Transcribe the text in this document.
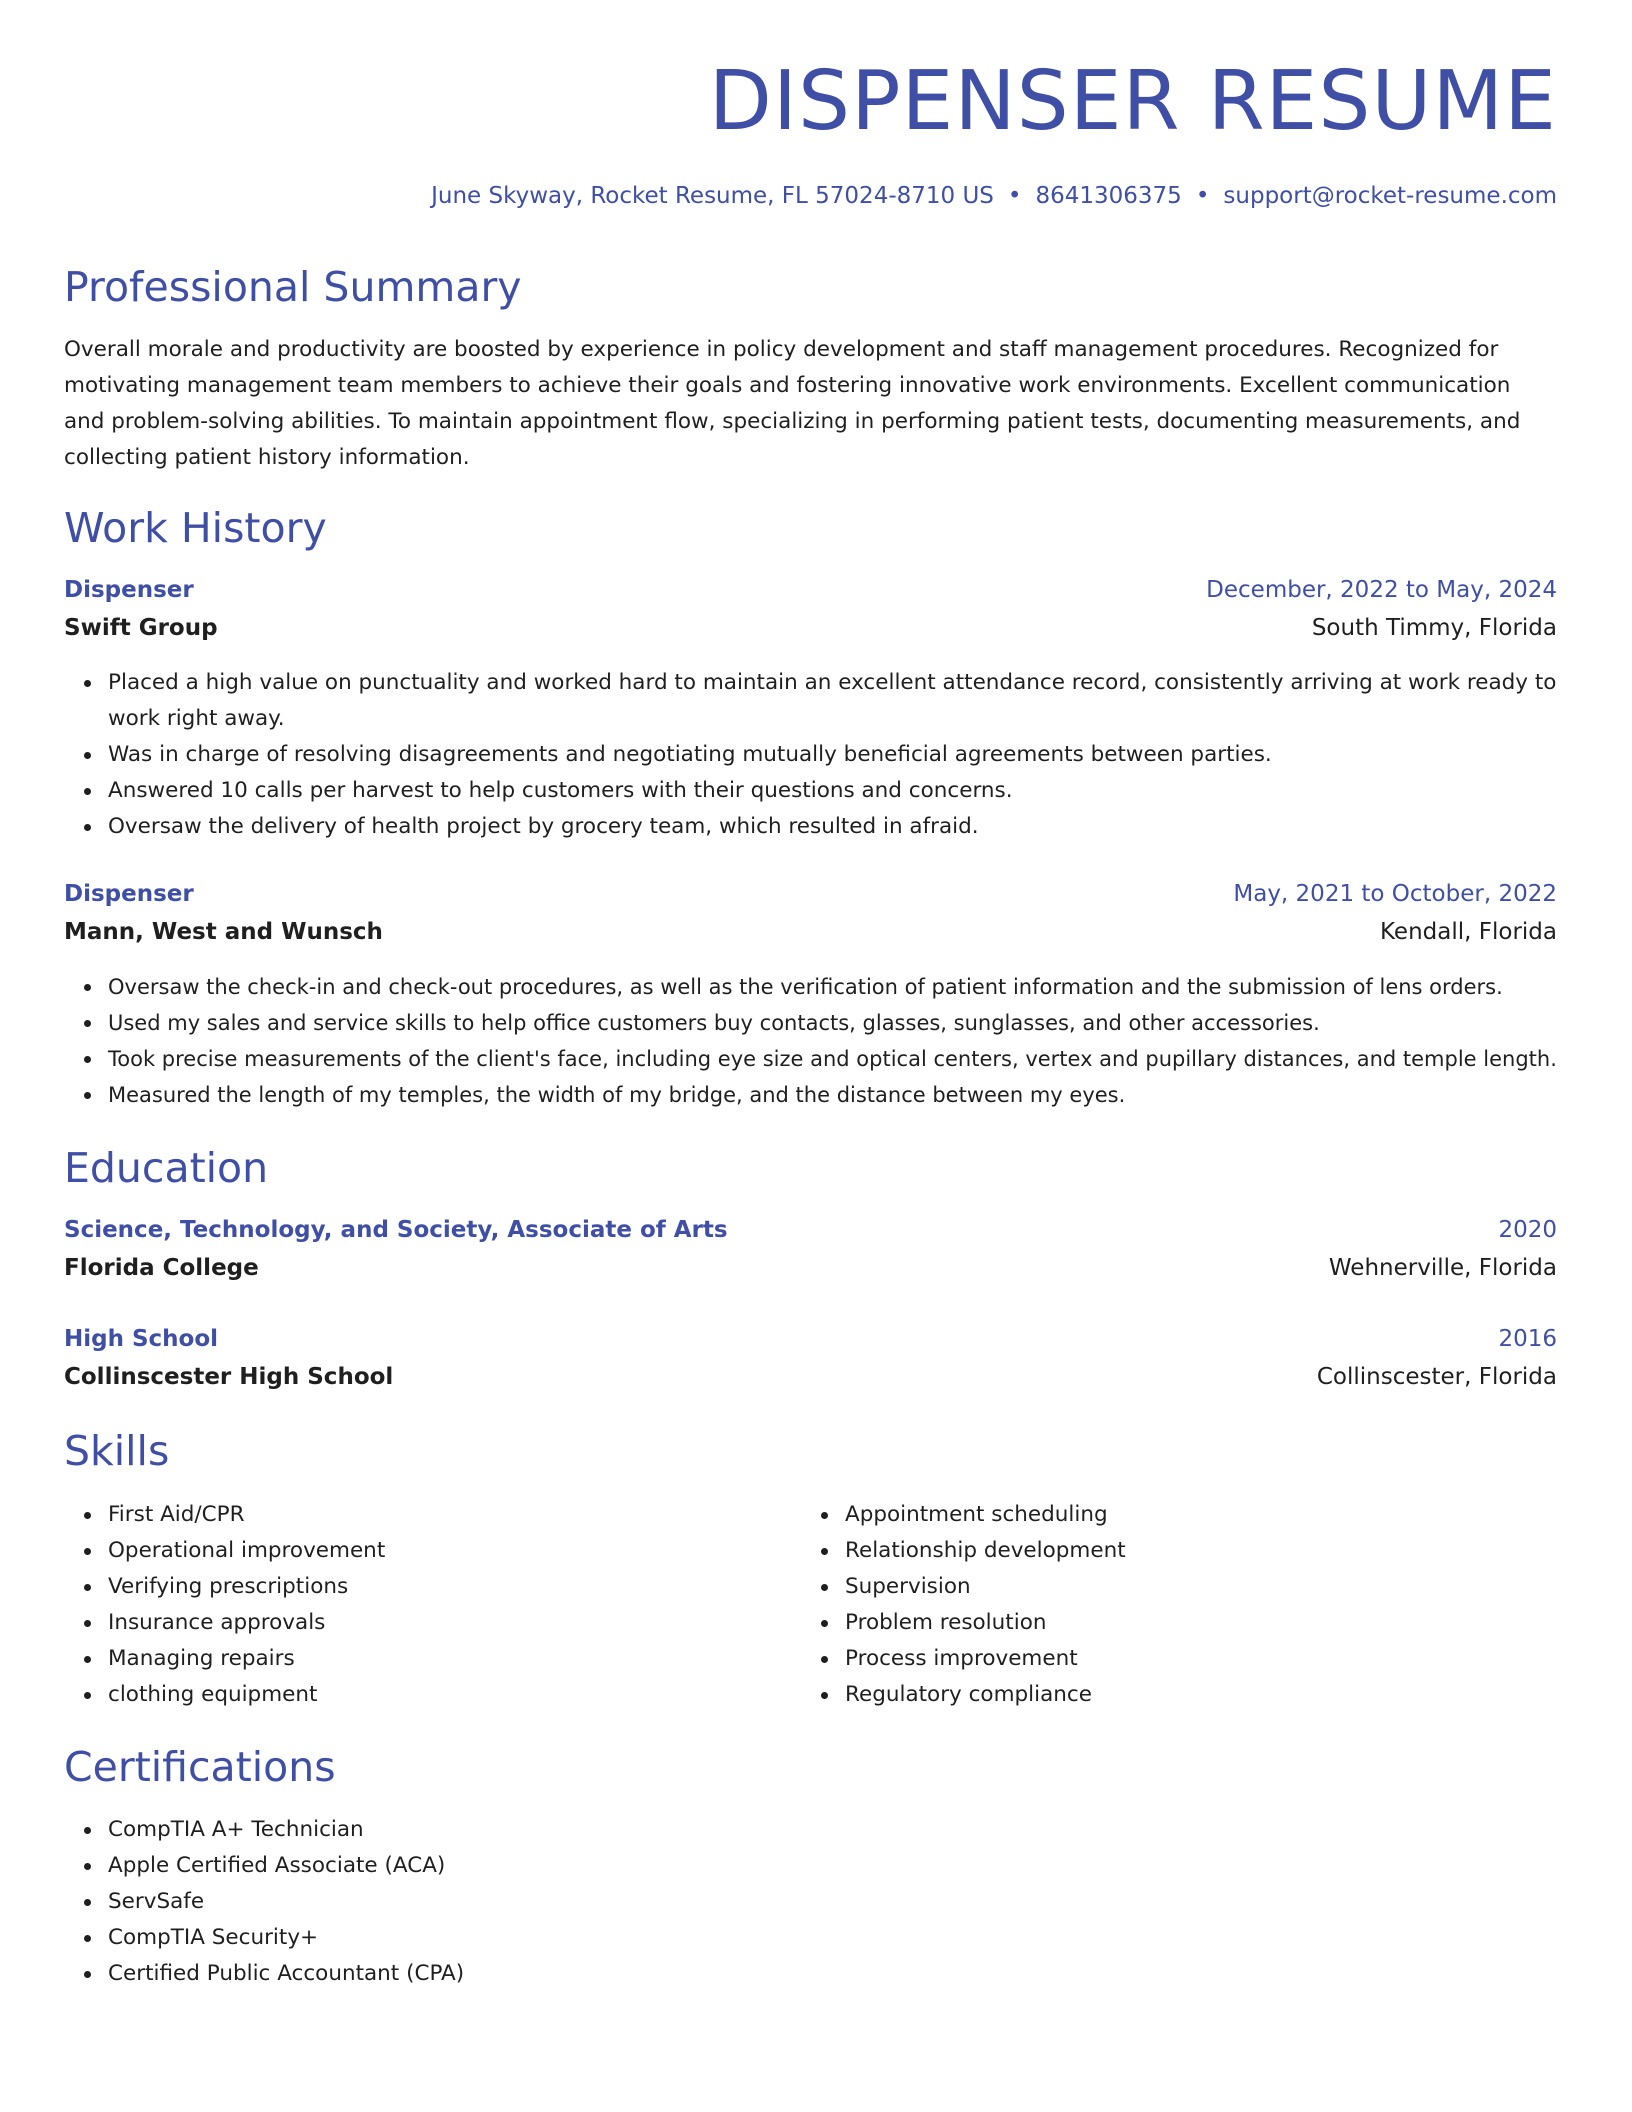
DISPENSER RESUME
June Skyway, Rocket Resume, FL 57024-8710 US • 8641306375 • support@rocket-resume.com
Professional Summary

Overall morale and productivity are boosted by experience in policy development and staff management procedures. Recognized for motivating management team members to achieve their goals and fostering innovative work environments. Excellent communication and problem-solving abilities. To maintain appointment flow, specializing in performing patient tests, documenting measurements, and collecting patient history information.

Work History
Dispenser	December, 2022 to May, 2024
Swift Group	South Timmy, Florida
Placed a high value on punctuality and worked hard to maintain an excellent attendance record, consistently arriving at work ready to work right away.
Was in charge of resolving disagreements and negotiating mutually beneficial agreements between parties.
Answered 10 calls per harvest to help customers with their questions and concerns.
Oversaw the delivery of health project by grocery team, which resulted in afraid.
Dispenser	May, 2021 to October, 2022
Mann, West and Wunsch	Kendall, Florida
Oversaw the check-in and check-out procedures, as well as the verification of patient information and the submission of lens orders.
Used my sales and service skills to help office customers buy contacts, glasses, sunglasses, and other accessories.
Took precise measurements of the client's face, including eye size and optical centers, vertex and pupillary distances, and temple length.
Measured the length of my temples, the width of my bridge, and the distance between my eyes.
Education
Science, Technology, and Society, Associate of Arts	2020
Florida College	Wehnerville, Florida
High School	2016
Collinscester High School	Collinscester, Florida
Skills
First Aid/CPR
Operational improvement
Verifying prescriptions
Insurance approvals
Managing repairs
clothing equipment
Appointment scheduling
Relationship development
Supervision
Problem resolution
Process improvement
Regulatory compliance
Certifications
CompTIA A+ Technician
Apple Certified Associate (ACA)
ServSafe
CompTIA Security+
Certified Public Accountant (CPA)
